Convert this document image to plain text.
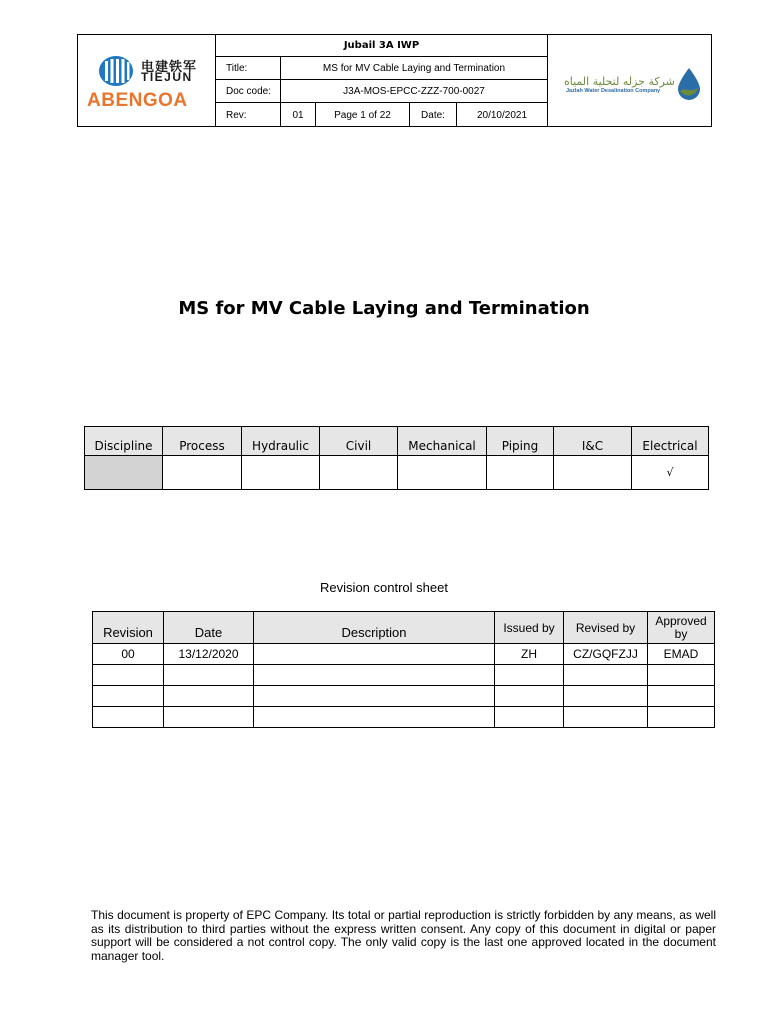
电建铁军
TIEJUN
ABENGOA
Jubail 3A IWP
Title:	MS for MV Cable Laying and Termination
Doc code:	J3A-MOS-EPCC-ZZZ-700-0027
Rev:	01	Page 1 of 22	Date:	20/10/2021
شركة جزله لتحلية المياه
Jazlah Water Desalination Company
MS for MV Cable Laying and Termination
Discipline	Process	Hydraulic	Civil	Mechanical	Piping	I&C	Electrical
							√
Revision control sheet
Revision	Date	Description	Issued by	Revised by	Approved by
00	13/12/2020		ZH	CZ/GQFZJJ	EMAD

This document is property of EPC Company. Its total or partial reproduction is strictly forbidden by any means, as well as its distribution to third parties without the express written consent. Any copy of this document in digital or paper support will be considered a not control copy. The only valid copy is the last one approved located in the document manager tool.
